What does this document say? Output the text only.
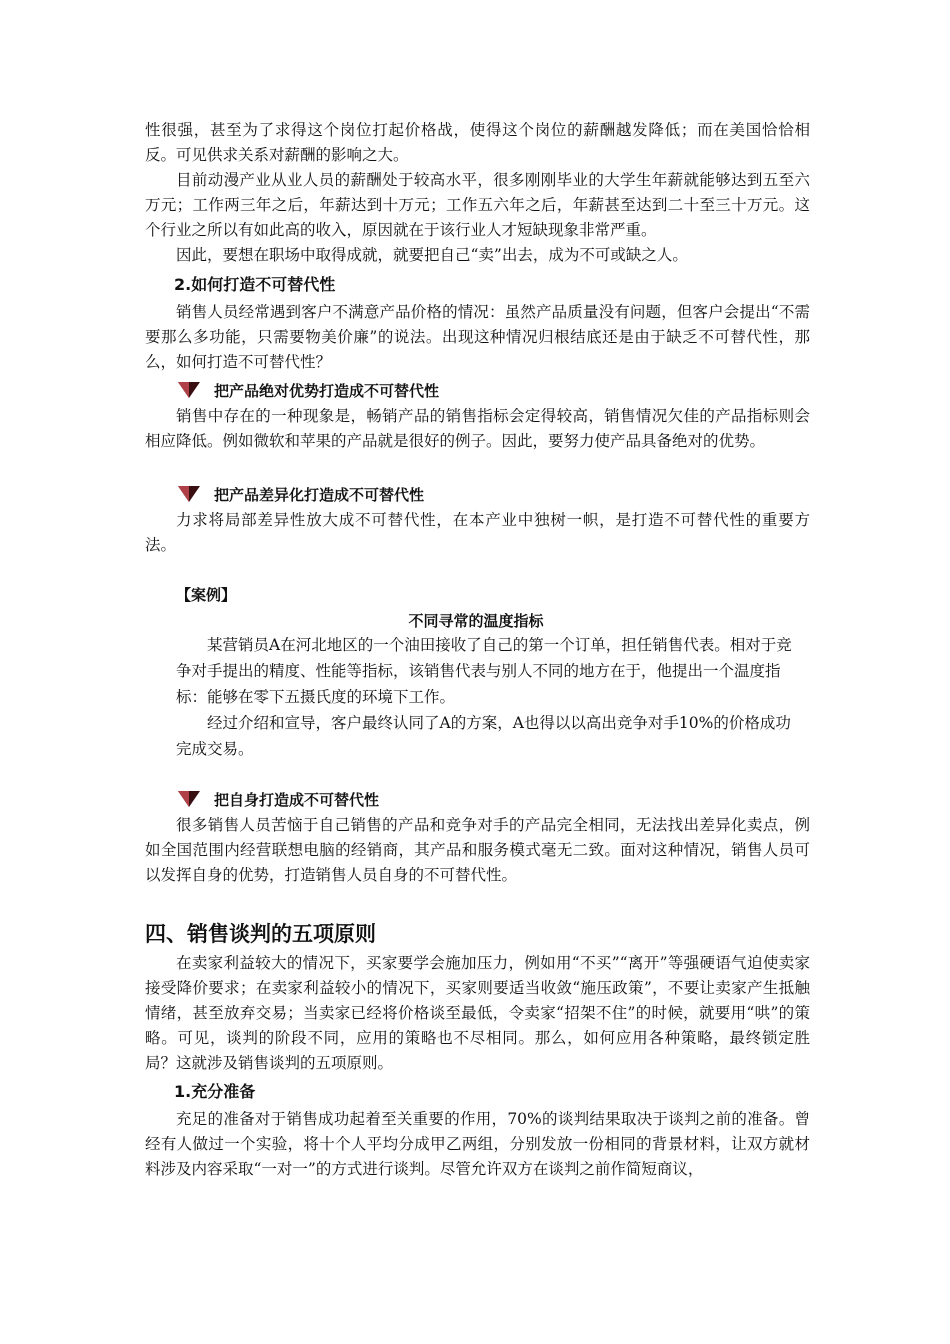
性很强，甚至为了求得这个岗位打起价格战，使得这个岗位的薪酬越发降低；而在美国恰恰相反。可见供求关系对薪酬的影响之大。

目前动漫产业从业人员的薪酬处于较高水平，很多刚刚毕业的大学生年薪就能够达到五至六万元；工作两三年之后，年薪达到十万元；工作五六年之后，年薪甚至达到二十至三十万元。这个行业之所以有如此高的收入，原因就在于该行业人才短缺现象非常严重。

因此，要想在职场中取得成就，就要把自己“卖”出去，成为不可或缺之人。

2.如何打造不可替代性

销售人员经常遇到客户不满意产品价格的情况：虽然产品质量没有问题，但客户会提出“不需要那么多功能，只需要物美价廉”的说法。出现这种情况归根结底还是由于缺乏不可替代性，那么，如何打造不可替代性？

把产品绝对优势打造成不可替代性

销售中存在的一种现象是，畅销产品的销售指标会定得较高，销售情况欠佳的产品指标则会相应降低。例如微软和苹果的产品就是很好的例子。因此，要努力使产品具备绝对的优势。

把产品差异化打造成不可替代性

力求将局部差异性放大成不可替代性，在本产业中独树一帜，是打造不可替代性的重要方法。

【案例】
不同寻常的温度指标

某营销员A在河北地区的一个油田接收了自己的第一个订单，担任销售代表。相对于竞争对手提出的精度、性能等指标，该销售代表与别人不同的地方在于，他提出一个温度指标：能够在零下五摄氏度的环境下工作。

经过介绍和宣导，客户最终认同了A的方案，A也得以以高出竞争对手10%的价格成功完成交易。

把自身打造成不可替代性

很多销售人员苦恼于自己销售的产品和竞争对手的产品完全相同，无法找出差异化卖点，例如全国范围内经营联想电脑的经销商，其产品和服务模式毫无二致。面对这种情况，销售人员可以发挥自身的优势，打造销售人员自身的不可替代性。

四、销售谈判的五项原则

在卖家利益较大的情况下，买家要学会施加压力，例如用“不买”“离开”等强硬语气迫使卖家接受降价要求；在卖家利益较小的情况下，买家则要适当收敛“施压政策”，不要让卖家产生抵触情绪，甚至放弃交易；当卖家已经将价格谈至最低，令卖家“招架不住”的时候，就要用“哄”的策略。可见，谈判的阶段不同，应用的策略也不尽相同。那么，如何应用各种策略，最终锁定胜局？这就涉及销售谈判的五项原则。

1.充分准备

充足的准备对于销售成功起着至关重要的作用，70%的谈判结果取决于谈判之前的准备。曾经有人做过一个实验，将十个人平均分成甲乙两组，分别发放一份相同的背景材料，让双方就材料涉及内容采取“一对一”的方式进行谈判。尽管允许双方在谈判之前作简短商议，
